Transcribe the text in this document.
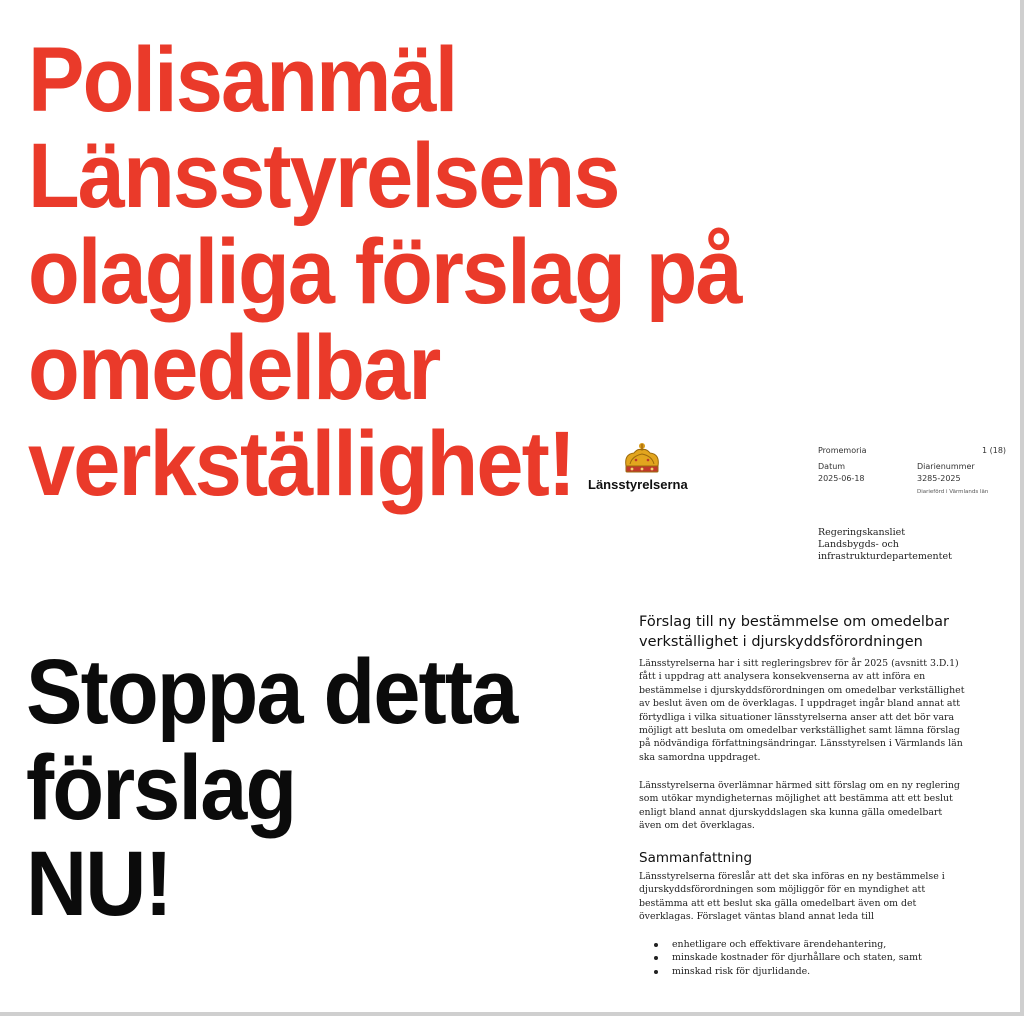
Polisanmäl
Länsstyrelsens
olagliga förslag på
omedelbar
verkställighet!
Stoppa detta
förslag
NU!
Länsstyrelserna
Promemoria	1 (18)
Datum	Diarienummer
2025-06-18	3285-2025
Diarieförd i Värmlands län
Regeringskansliet
Landsbygds- och
infrastrukturdepartementet
Förslag till ny bestämmelse om omedelbar verkställighet i djurskyddsförordningen

Länsstyrelserna har i sitt regleringsbrev för år 2025 (avsnitt 3.D.1) fått i uppdrag att analysera konsekvenserna av att införa en bestämmelse i djurskyddsförordningen om omedelbar verkställighet av beslut även om de överklagas. I uppdraget ingår bland annat att förtydliga i vilka situationer länsstyrelserna anser att det bör vara möjligt att besluta om omedelbar verkställighet samt lämna förslag på nödvändiga författningsändringar. Länsstyrelsen i Värmlands län ska samordna uppdraget.

Länsstyrelserna överlämnar härmed sitt förslag om en ny reglering som utökar myndigheternas möjlighet att bestämma att ett beslut enligt bland annat djurskyddslagen ska kunna gälla omedelbart även om det överklagas.

Sammanfattning

Länsstyrelserna föreslår att det ska införas en ny bestämmelse i djurskyddsförordningen som möjliggör för en myndighet att bestämma att ett beslut ska gälla omedelbart även om det överklagas. Förslaget väntas bland annat leda till

enhetligare och effektivare ärendehantering,
minskade kostnader för djurhållare och staten, samt
minskad risk för djurlidande.
